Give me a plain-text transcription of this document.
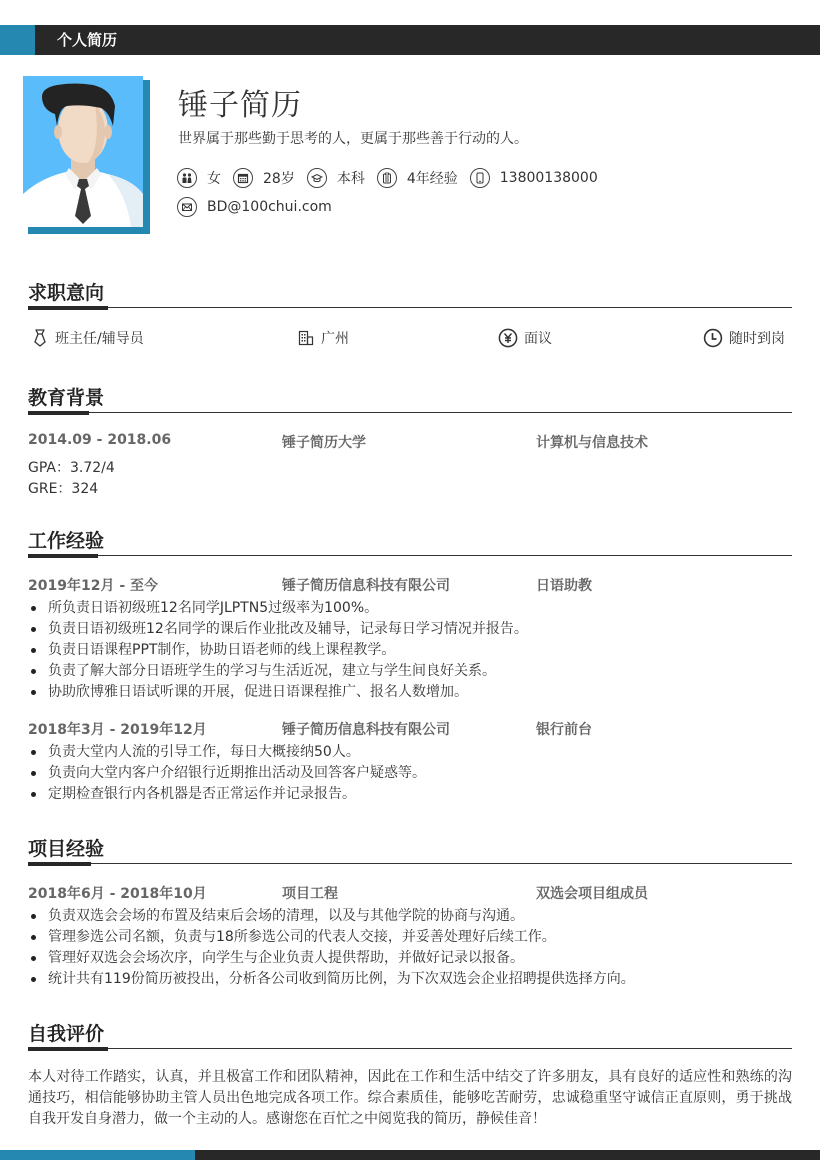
个人简历
锤子简历
世界属于那些勤于思考的人，更属于那些善于行动的人。
女	28岁	本科	4年经验	13800138000
BD@100chui.com
求职意向
班主任/辅导员	广州	面议	随时到岗
教育背景
2014.09 - 2018.06	锤子简历大学	计算机与信息技术
GPA：3.72/4
GRE：324
工作经验
2019年12月 - 至今	锤子简历信息科技有限公司	日语助教
所负责日语初级班12名同学JLPTN5过级率为100%。
负责日语初级班12名同学的课后作业批改及辅导，记录每日学习情况并报告。
负责日语课程PPT制作，协助日语老师的线上课程教学。
负责了解大部分日语班学生的学习与生活近况，建立与学生间良好关系。
协助欣博雅日语试听课的开展，促进日语课程推广、报名人数增加。
2018年3月 - 2019年12月	锤子简历信息科技有限公司	银行前台
负责大堂内人流的引导工作，每日大概接纳50人。
负责向大堂内客户介绍银行近期推出活动及回答客户疑惑等。
定期检查银行内各机器是否正常运作并记录报告。
项目经验
2018年6月 - 2018年10月	项目工程	双选会项目组成员
负责双选会会场的布置及结束后会场的清理，以及与其他学院的协商与沟通。
管理参选公司名额，负责与18所参选公司的代表人交接，并妥善处理好后续工作。
管理好双选会会场次序，向学生与企业负责人提供帮助，并做好记录以报备。
统计共有119份简历被投出，分析各公司收到简历比例，为下次双选会企业招聘提供选择方向。
自我评价
本人对待工作踏实，认真，并且极富工作和团队精神，因此在工作和生活中结交了许多朋友，具有良好的适应性和熟练的沟通技巧，相信能够协助主管人员出色地完成各项工作。综合素质佳，能够吃苦耐劳，忠诚稳重坚守诚信正直原则，勇于挑战自我开发自身潜力，做一个主动的人。感谢您在百忙之中阅览我的简历，静候佳音！
